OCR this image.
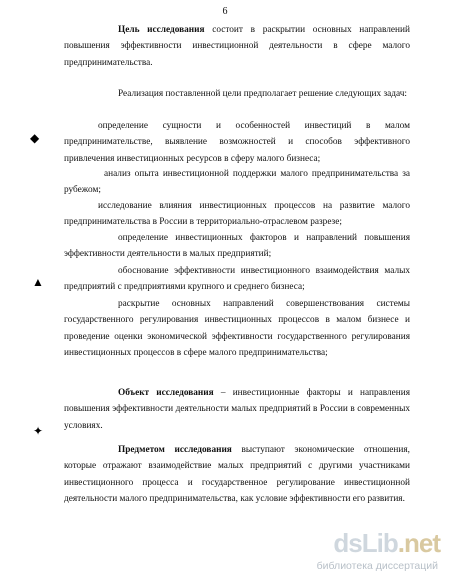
6

Цель исследования состоит в раскрытии основных направлений повышения эффективности инвестиционной деятельности в сфере малого предпринимательства.

Реализация поставленной цели предполагает решение следующих задач:

определение сущности и особенностей инвестиций в малом предпринимательстве, выявление возможностей и способов эффективного привлечения инвестиционных ресурсов в сферу малого бизнеса;

анализ опыта инвестиционной поддержки малого предпринимательства за рубежом;

исследование влияния инвестиционных процессов на развитие малого предпринимательства в России в территориально-отраслевом разрезе;

определение инвестиционных факторов и направлений повышения эффективности деятельности в малых предприятий;

обоснование эффективности инвестиционного взаимодействия малых предприятий с предприятиями крупного и среднего бизнеса;

раскрытие основных направлений совершенствования системы государственного регулирования инвестиционных процессов в малом бизнесе и проведение оценки экономической эффективности государственного регулирования инвестиционных процессов в сфере малого предпринимательства;

Объект исследования – инвестиционные факторы и направления повышения эффективности деятельности малых предприятий в России в современных условиях.

Предметом исследования выступают экономические отношения, которые отражают взаимодействие малых предприятий с другими участниками инвестиционного процесса и государственное регулирование инвестиционной деятельности малого предпринимательства, как условие эффективности его развития.

◆
▲
✦
dsLib.net
библиотека диссертаций
